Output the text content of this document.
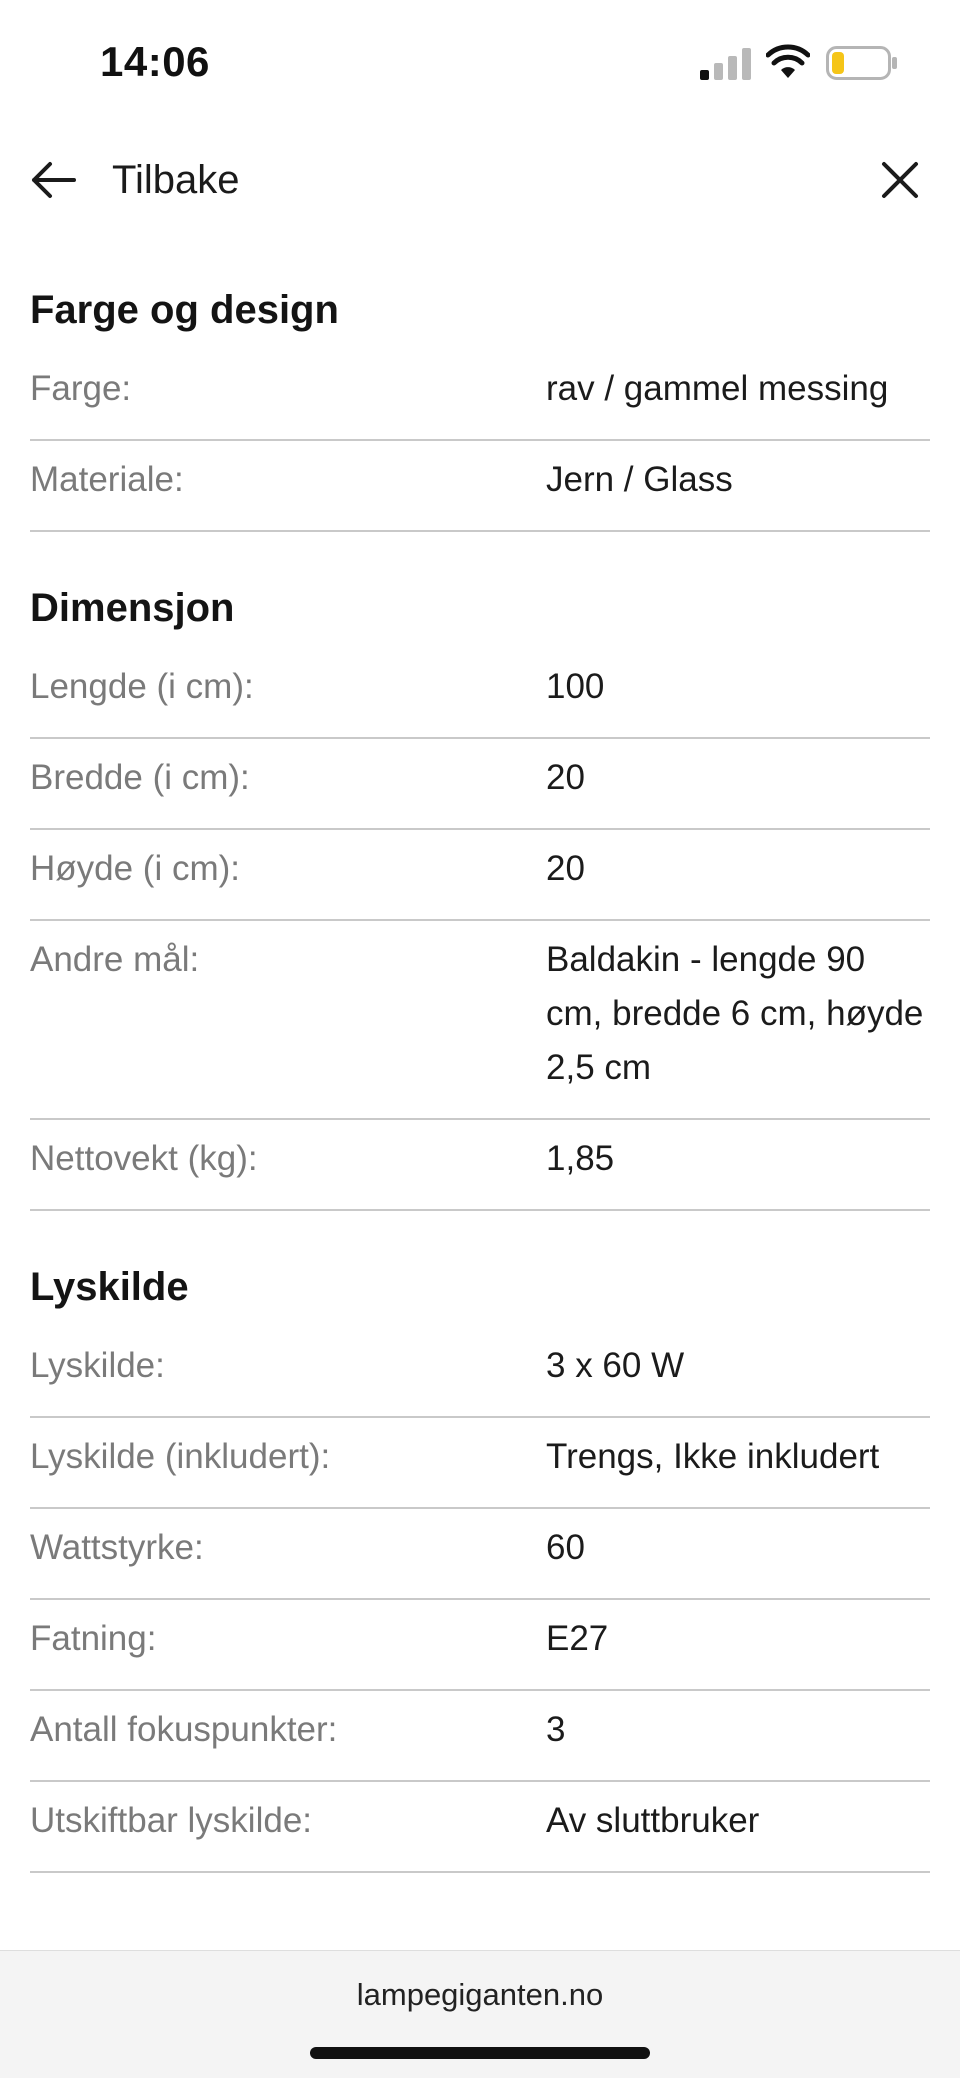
14:06
Tilbake
Farge og design
Farge:	rav / gammel messing
Materiale:	Jern / Glass
Dimensjon
Lengde (i cm):	100
Bredde (i cm):	20
Høyde (i cm):	20
Andre mål:	Baldakin - lengde 90 cm, bredde 6 cm, høyde 2,5 cm
Nettovekt (kg):	1,85
Lyskilde
Lyskilde:	3 x 60 W
Lyskilde (inkludert):	Trengs, Ikke inkludert
Wattstyrke:	60
Fatning:	E27
Antall fokuspunkter:	3
Utskiftbar lyskilde:	Av sluttbruker
lampegiganten.no
